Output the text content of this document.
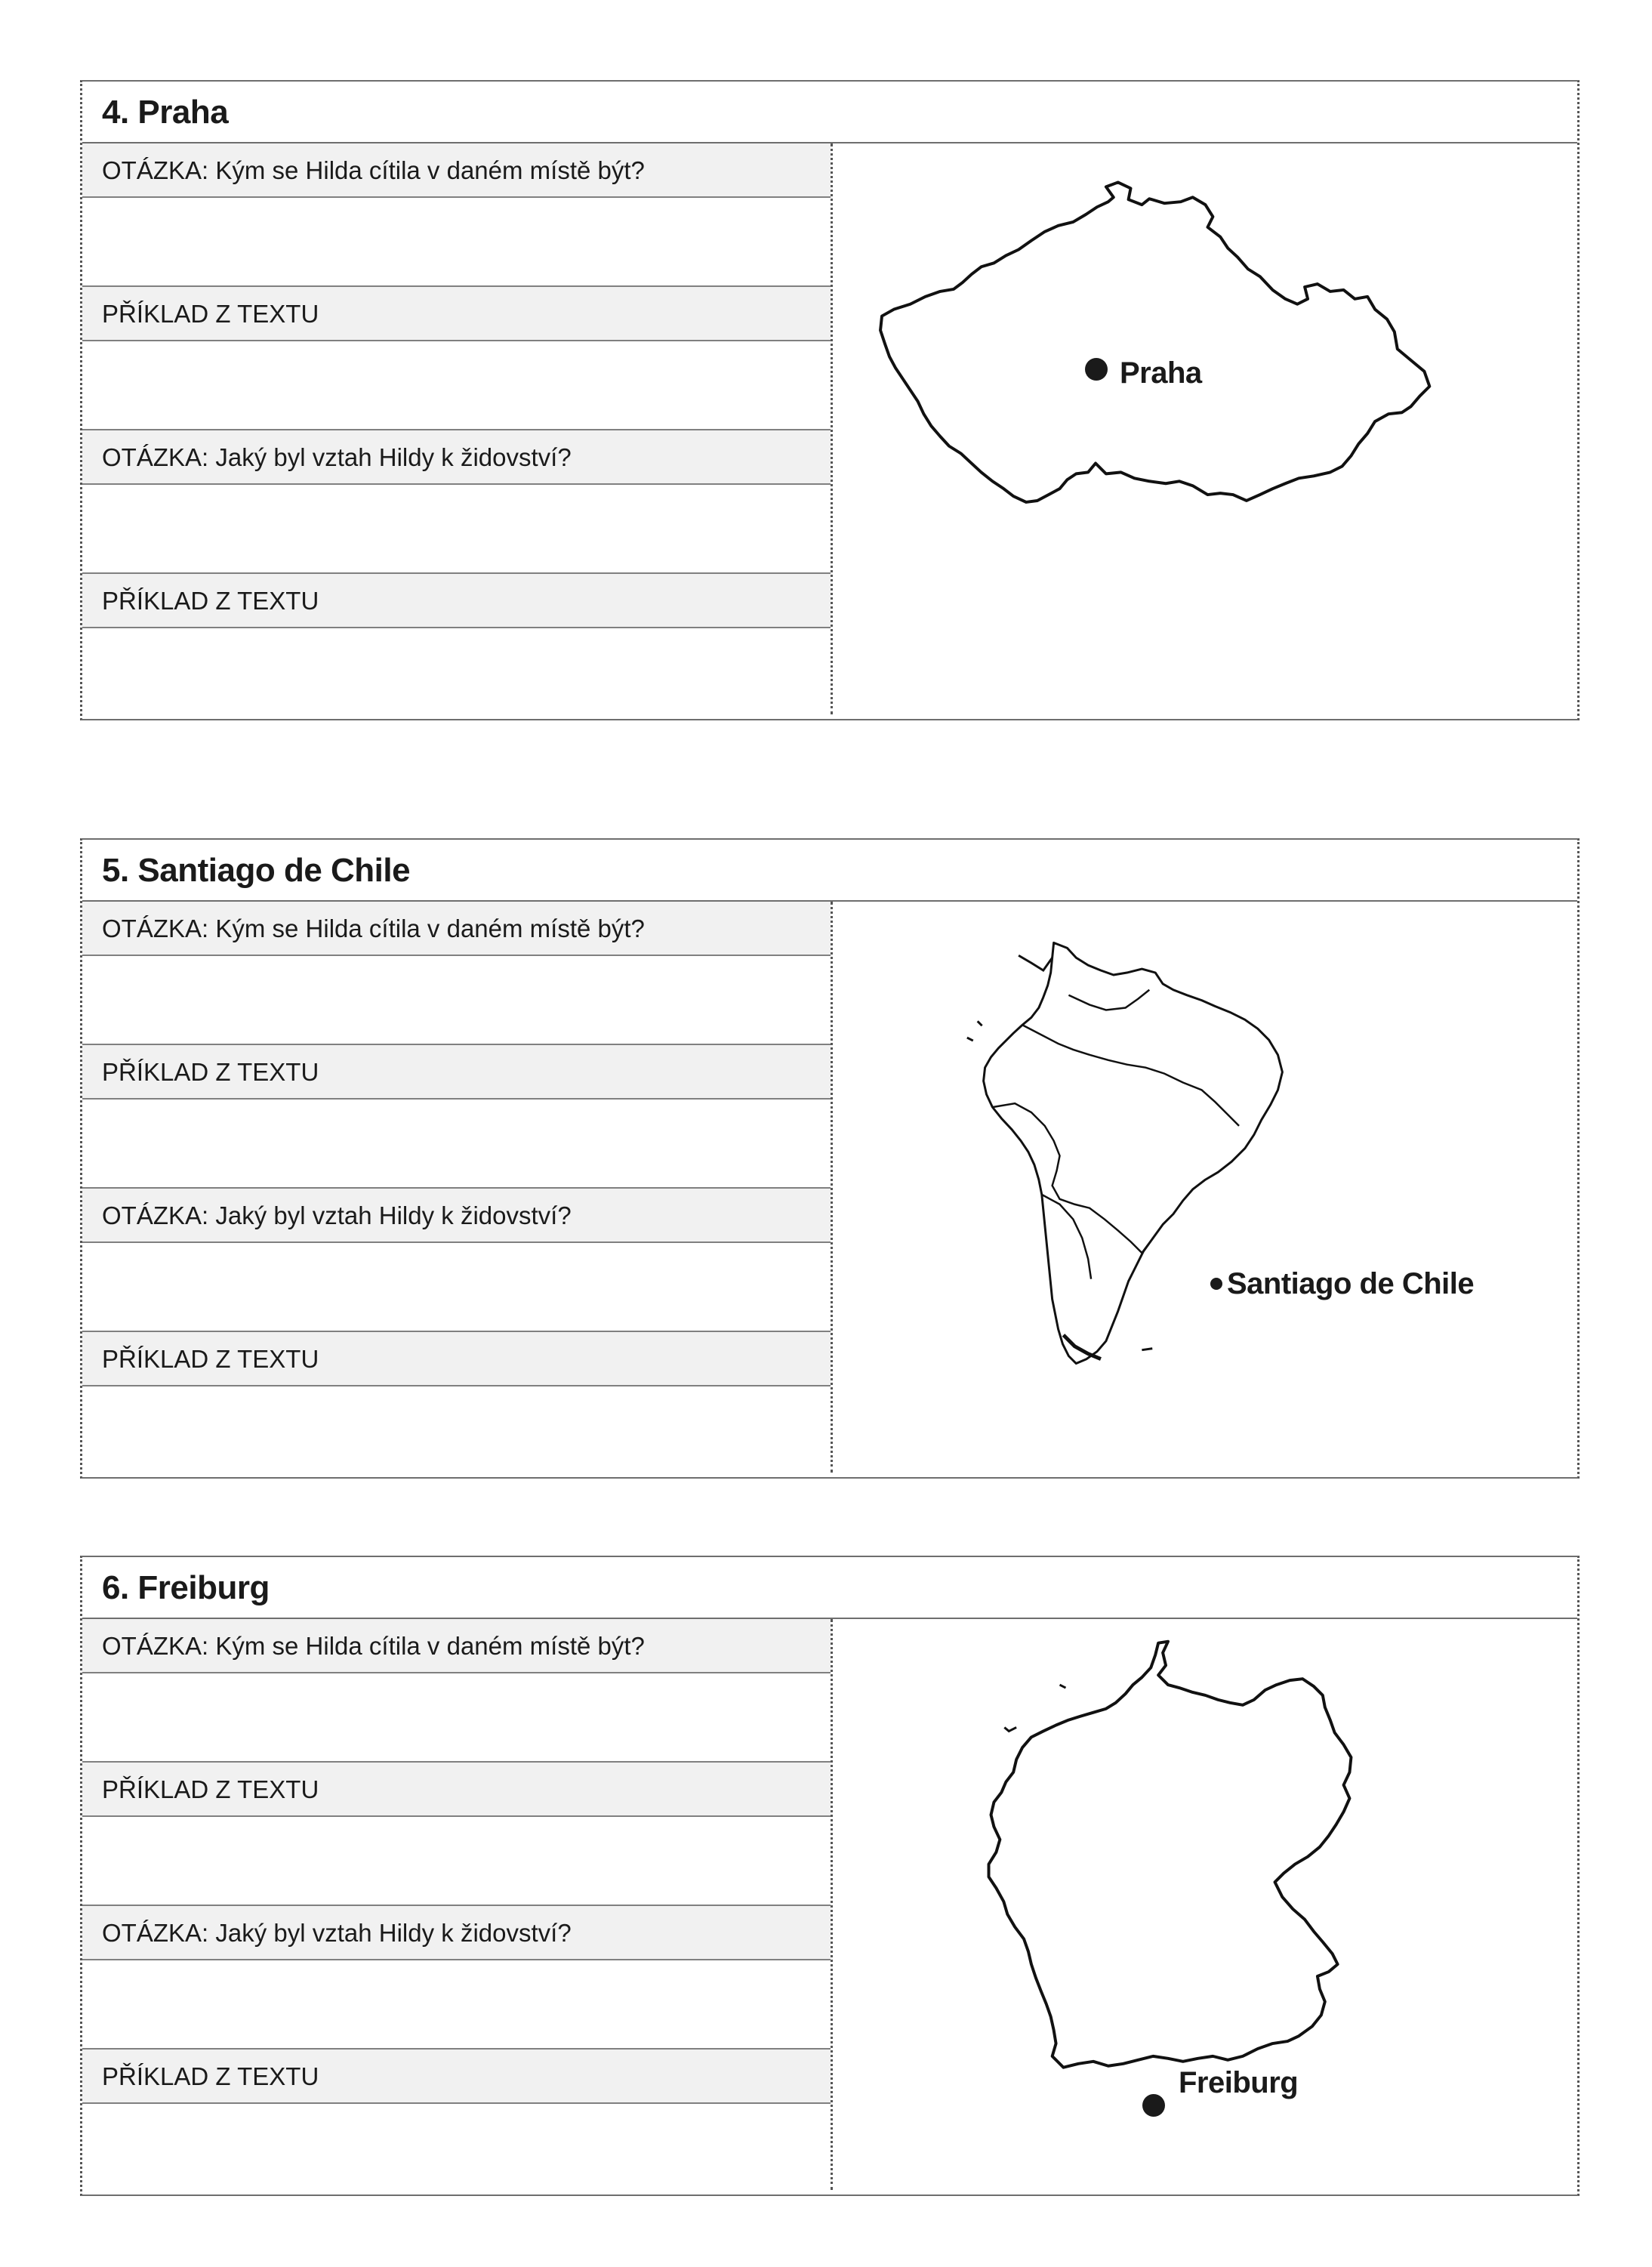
4. Praha
OTÁZKA: Kým se Hilda cítila v daném místě být?
PŘÍKLAD Z TEXTU
OTÁZKA: Jaký byl vztah Hildy k židovství?
PŘÍKLAD Z TEXTU
Praha
5. Santiago de Chile
OTÁZKA: Kým se Hilda cítila v daném místě být?
PŘÍKLAD Z TEXTU
OTÁZKA: Jaký byl vztah Hildy k židovství?
PŘÍKLAD Z TEXTU
Santiago de Chile
6. Freiburg
OTÁZKA: Kým se Hilda cítila v daném místě být?
PŘÍKLAD Z TEXTU
OTÁZKA: Jaký byl vztah Hildy k židovství?
PŘÍKLAD Z TEXTU	Freiburg
